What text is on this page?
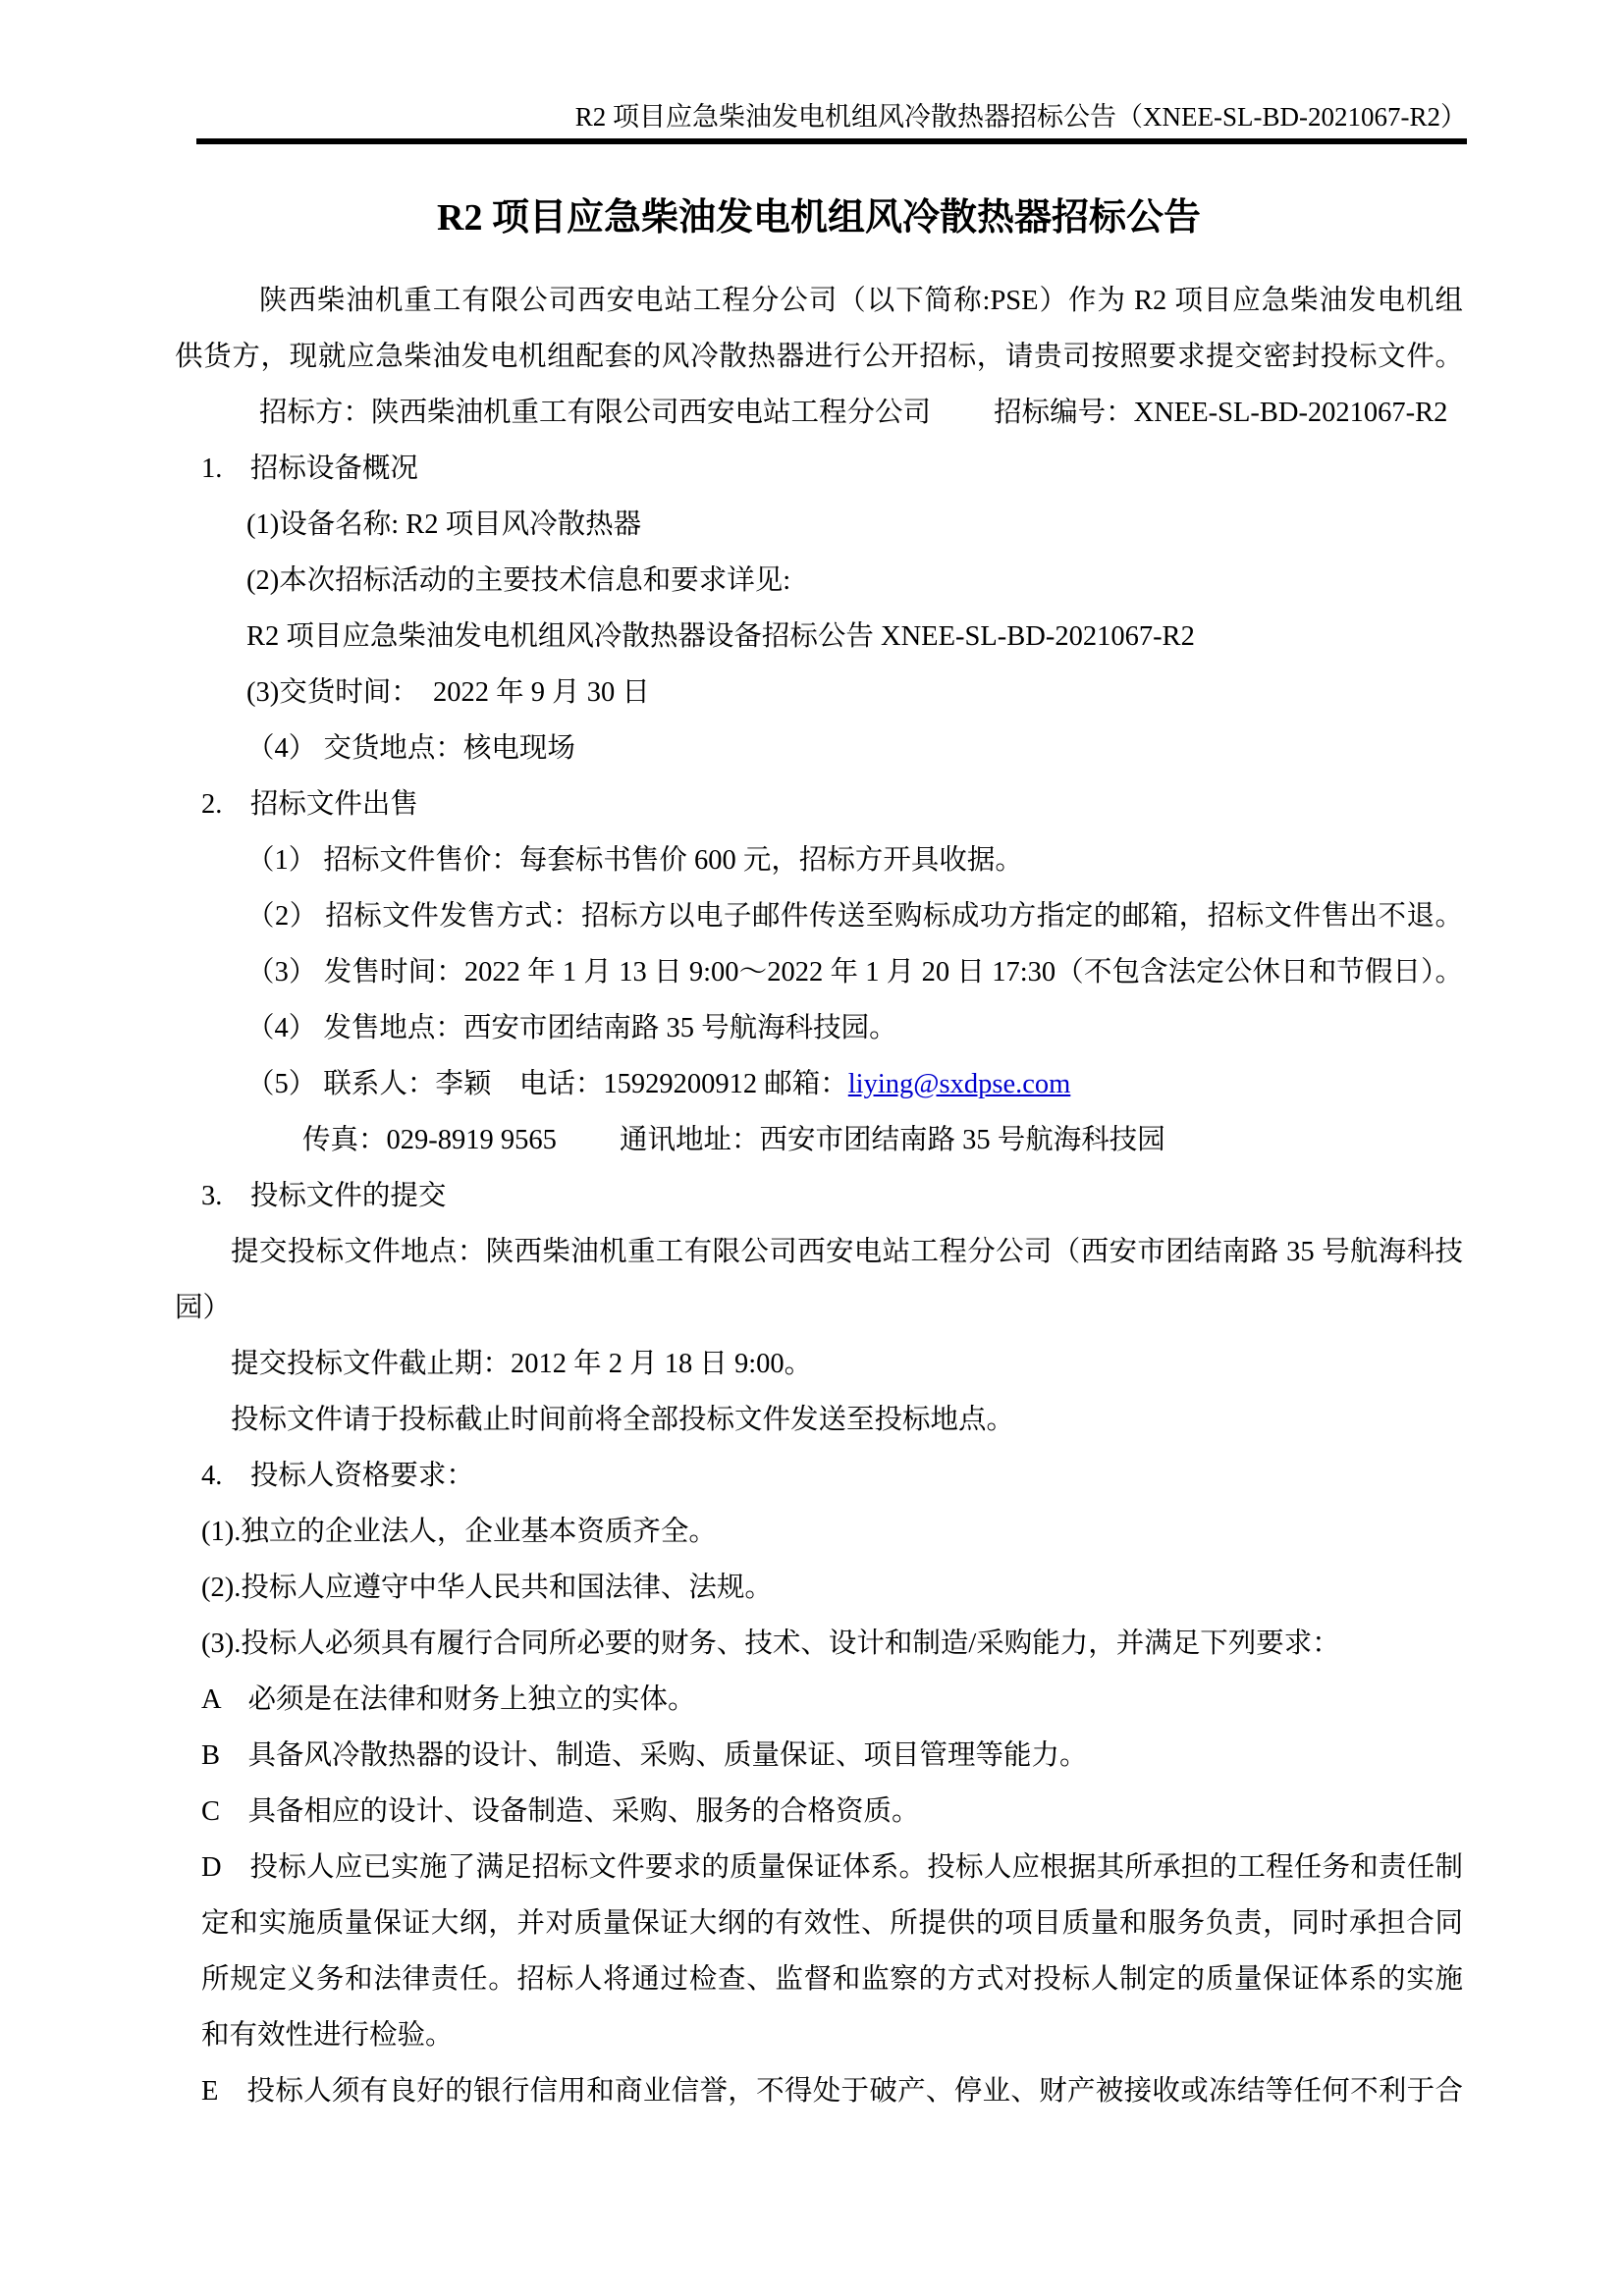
R2 项目应急柴油发电机组风冷散热器招标公告（XNEE-SL-BD-2021067-R2）
R2 项目应急柴油发电机组风冷散热器招标公告
陕西柴油机重工有限公司西安电站工程分公司（以下简称:PSE）作为 R2 项目应急柴油发电机组
供货方，现就应急柴油发电机组配套的风冷散热器进行公开招标，请贵司按照要求提交密封投标文件。
招标方：陕西柴油机重工有限公司西安电站工程分公司　　 招标编号：XNEE-SL-BD-2021067-R2
1.　招标设备概况
(1)设备名称: R2 项目风冷散热器
(2)本次招标活动的主要技术信息和要求详见:
R2 项目应急柴油发电机组风冷散热器设备招标公告 XNEE-SL-BD-2021067-R2
(3)交货时间：　2022 年 9 月 30 日
（4） 交货地点：核电现场
2.　招标文件出售
（1） 招标文件售价：每套标书售价 600 元，招标方开具收据。
（2） 招标文件发售方式：招标方以电子邮件传送至购标成功方指定的邮箱，招标文件售出不退。
（3） 发售时间：2022 年 1 月 13 日 9:00～2022 年 1 月 20 日 17:30（不包含法定公休日和节假日）。
（4） 发售地点：西安市团结南路 35 号航海科技园。
（5） 联系人：李颖　电话：15929200912 邮箱：liying@sxdpse.com
传真：029-8919 9565　　 通讯地址：西安市团结南路 35 号航海科技园
3.　投标文件的提交
提交投标文件地点：陕西柴油机重工有限公司西安电站工程分公司（西安市团结南路 35 号航海科技
园）
提交投标文件截止期：2012 年 2 月 18 日 9:00。
投标文件请于投标截止时间前将全部投标文件发送至投标地点。
4.　投标人资格要求：
(1).独立的企业法人，企业基本资质齐全。
(2).投标人应遵守中华人民共和国法律、法规。
(3).投标人必须具有履行合同所必要的财务、技术、设计和制造/采购能力，并满足下列要求：
A　必须是在法律和财务上独立的实体。
B　具备风冷散热器的设计、制造、采购、质量保证、项目管理等能力。
C　具备相应的设计、设备制造、采购、服务的合格资质。
D　投标人应已实施了满足招标文件要求的质量保证体系。投标人应根据其所承担的工程任务和责任制
定和实施质量保证大纲，并对质量保证大纲的有效性、所提供的项目质量和服务负责，同时承担合同
所规定义务和法律责任。招标人将通过检查、监督和监察的方式对投标人制定的质量保证体系的实施
和有效性进行检验。
E　投标人须有良好的银行信用和商业信誉，不得处于破产、停业、财产被接收或冻结等任何不利于合
